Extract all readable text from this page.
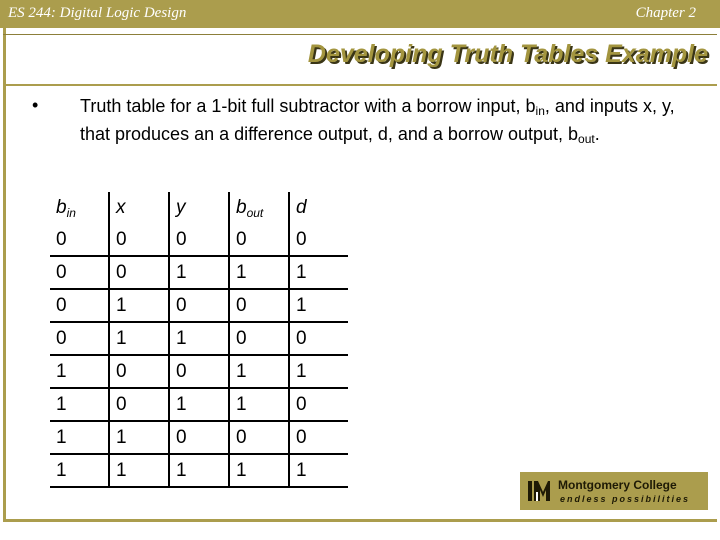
ES 244: Digital Logic Design	Chapter 2
Developing Truth Tables Example
• Truth table for a 1-bit full subtractor with a borrow input, $b_{in}$, and inputs x, y, that produces an a difference output, d, and a borrow output, $b_{out}$.
$b_{in}$	x	y	$b_{out}$	d
0	0	0	0	0
0	0	1	1	1
0	1	0	0	1
0	1	1	0	0
1	0	0	1	1
1	0	1	1	0
1	1	0	0	0
1	1	1	1	1
Montgomery College
endless possibilities
